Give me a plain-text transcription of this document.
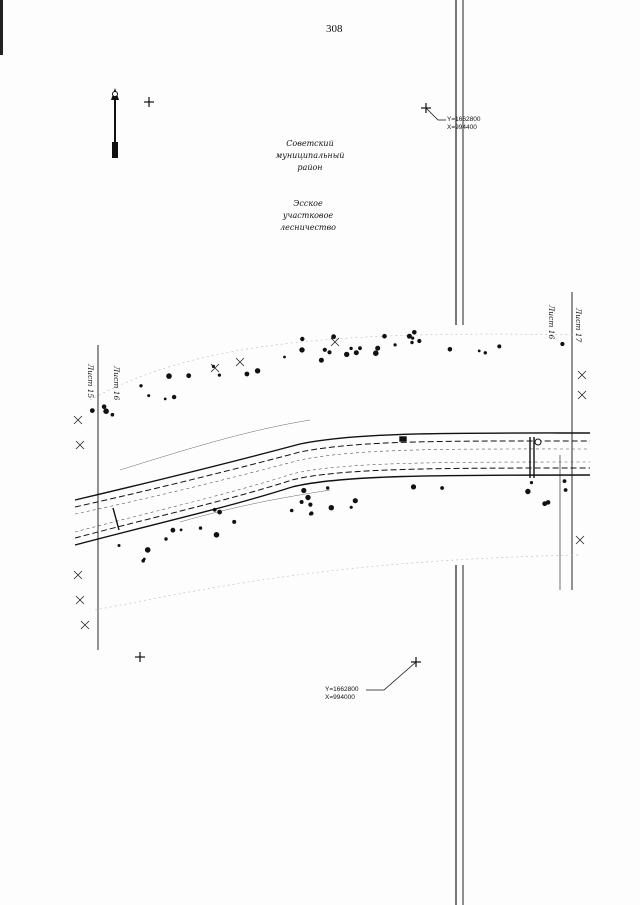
308
Советский
муниципальный
район
Эсское
участковое
лесничество
Y=1662800
X=994400
Y=1662800
X=994000
Лист 15 Лист 16
Лист 17
Лист 16
